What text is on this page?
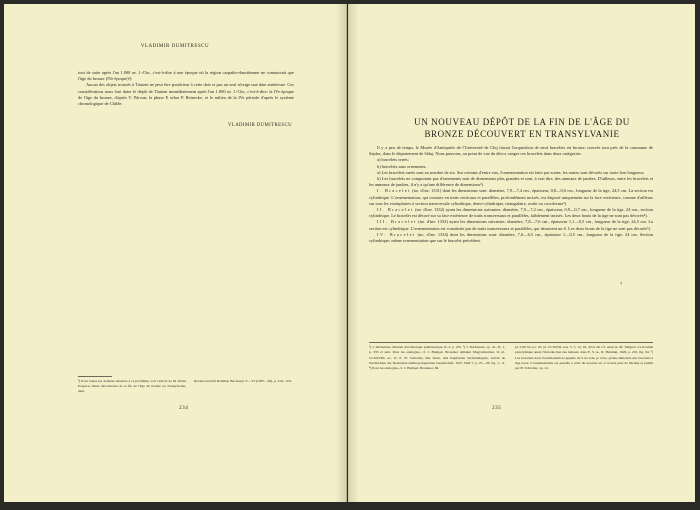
VLADIMIR DUMITRESCU

tout de suite après l'an 1.000 av. J.-Chr., c'est-à-dire à une époque où la région carpatho-danubienne ne connaissait que l'âge du bronze (IVe époque)¹).

Aucun des objets trouvés à Tăuteni ne peut être postérieur à cette date et pas un seul n'exige une date antérieure. Ces considérations nous font dater le dépôt de Tăuteni immédiatement après l'an 1.000 av. J.-Chr., c'est-à-dire; la IVe époque de l'âge du bronze, d'après V. Pârvan; la phase E selon P. Reinecke, et le milieu de la IVe période d'après le système chronologique de Childe.

VLADIMIR DUMITRESCU

¹) Pour toutes les données relatives à ce problème, voir l'article de M. Dorin Popescu, Deux découvertes de la fin de l'âge du bronze en Transylvanie, dans

Revista Istorică Română, București, V—VI (1935—36), p. 219—231.

234
UN NOUVEAU DÉPÔT DE LA FIN DE L'ÂGE DU
BRONZE DÉCOUVERT EN TRANSYLVANIE

Il y a peu de temps, le Musée d'Antiquités de l'Université de Cluj faisait l'acquisition de neuf bracelets en bronze, trouvés tout près de la commune de Ṣeplac, dans le département de Sălaj. Nous pouvons, au point de vue du décor, ranger ces bracelets dans deux catégories:

a) bracelets ornés;

b) bracelets sans ornements.

a) Les bracelets ornés sont au nombre de six. Sur certains d'entre eux, l'ornementation est faite par zones; les autres sont décorés sur toute leur longueur;

b) Les bracelets ne comportant pas d'ornements sont de dimensions plus grandes et sont, à vrai dire, des anneaux de jambes. D'ailleurs, entre les bracelets et les anneaux de jambes, il n'y a qu'une différence de dimensions²).

I. Bracelet (no. d'inv. 1331) dont les dimensions sont: diamètre, 7,9—7,4 cm., épaisseur, 0,8—0,6 cm., longueur de la tige, 24,5 cm. La section est cylindrique. L'ornementation, qui consiste en traits verticaux et parallèles, profondément incisés, est disposé uniquement sur la face extérieure, comme d'ailleurs sur tous les exemplaires à section transversale cylindrique, demi-cylindrique, triangulaire, ovale ou cruciforme³).

II. Bracelet (no. d'inv. 1332) ayant les dimensions suivantes: diamètre, 7,9—7,2 cm., épaisseur, 0,9—0,7 cm., longueur de la tige, 24 cm.; section cylindrique. Le bracelet est décoré sur sa face extérieure de traits transversaux et parallèles, faiblement incisés. Les deux bouts de la tige ne sont pas décorés⁴).

III. Bracelet (no. d'inv. 1333) ayant les dimensions suivantes: diamètre, 7,8—7,6 cm., épaisseur 1,1—0,5 cm., longueur de la tige, 24,5 cm. La section est cylindrique. L'ornementation est constituée par de traits transversaux et parallèles, qui dessinent un S. Les deux bouts de la tige ne sont pas décorés⁵).

IV. Bracelet (no. d'inv. 1334) dont les dimensions sont: diamètre, 7,6—6,5 cm., épaisseur 1—0,5 cm., longueur de la tige, 24 cm. Section cylindrique; même ornementation que sur le bracelet précédent.

²) J. Déchelette, Manuel d'archéologie préhistorique, II, 2, p. 235. ³) J. Déchelette, op. cit., II, 1, p. 335 et suiv. Pour les analogies, cf. J. Hampel, Bronzkor emlékei Magyarhonban, II, pl. CLXXVIII, no. 9; cf. H. Schroller, Die Stein- und Kupferzeit Siebenbürgens, extrait de Nachrichten der Deutschen Anthropologischen Gesellschaft, 1927, Heft 7, p. 25—26, fig. 1—3. ⁴) Pour les analogies, cf. J. Hampel, Bronzkor, III,
pl. CXCVI, no. 10; pl. CCXXXI, nos. 5, 7, 12, 18, 20 et 26. Cf. aussi A. M. Tallgren, La Pontide préscythique après l'introduction des métaux, dans E. S. A., II, Helsinki, 1926, p. 201, fig. 94. ⁵) Les bracelets dont l'ornementation rappelle un S ne sont, je crois, qu'une imitation des bracelets à tige torse. L'ornementation est pareille à celle du bracelet en or trouvé près de Mediaș et publié par H. Schroller, op. cit.
235
‹
